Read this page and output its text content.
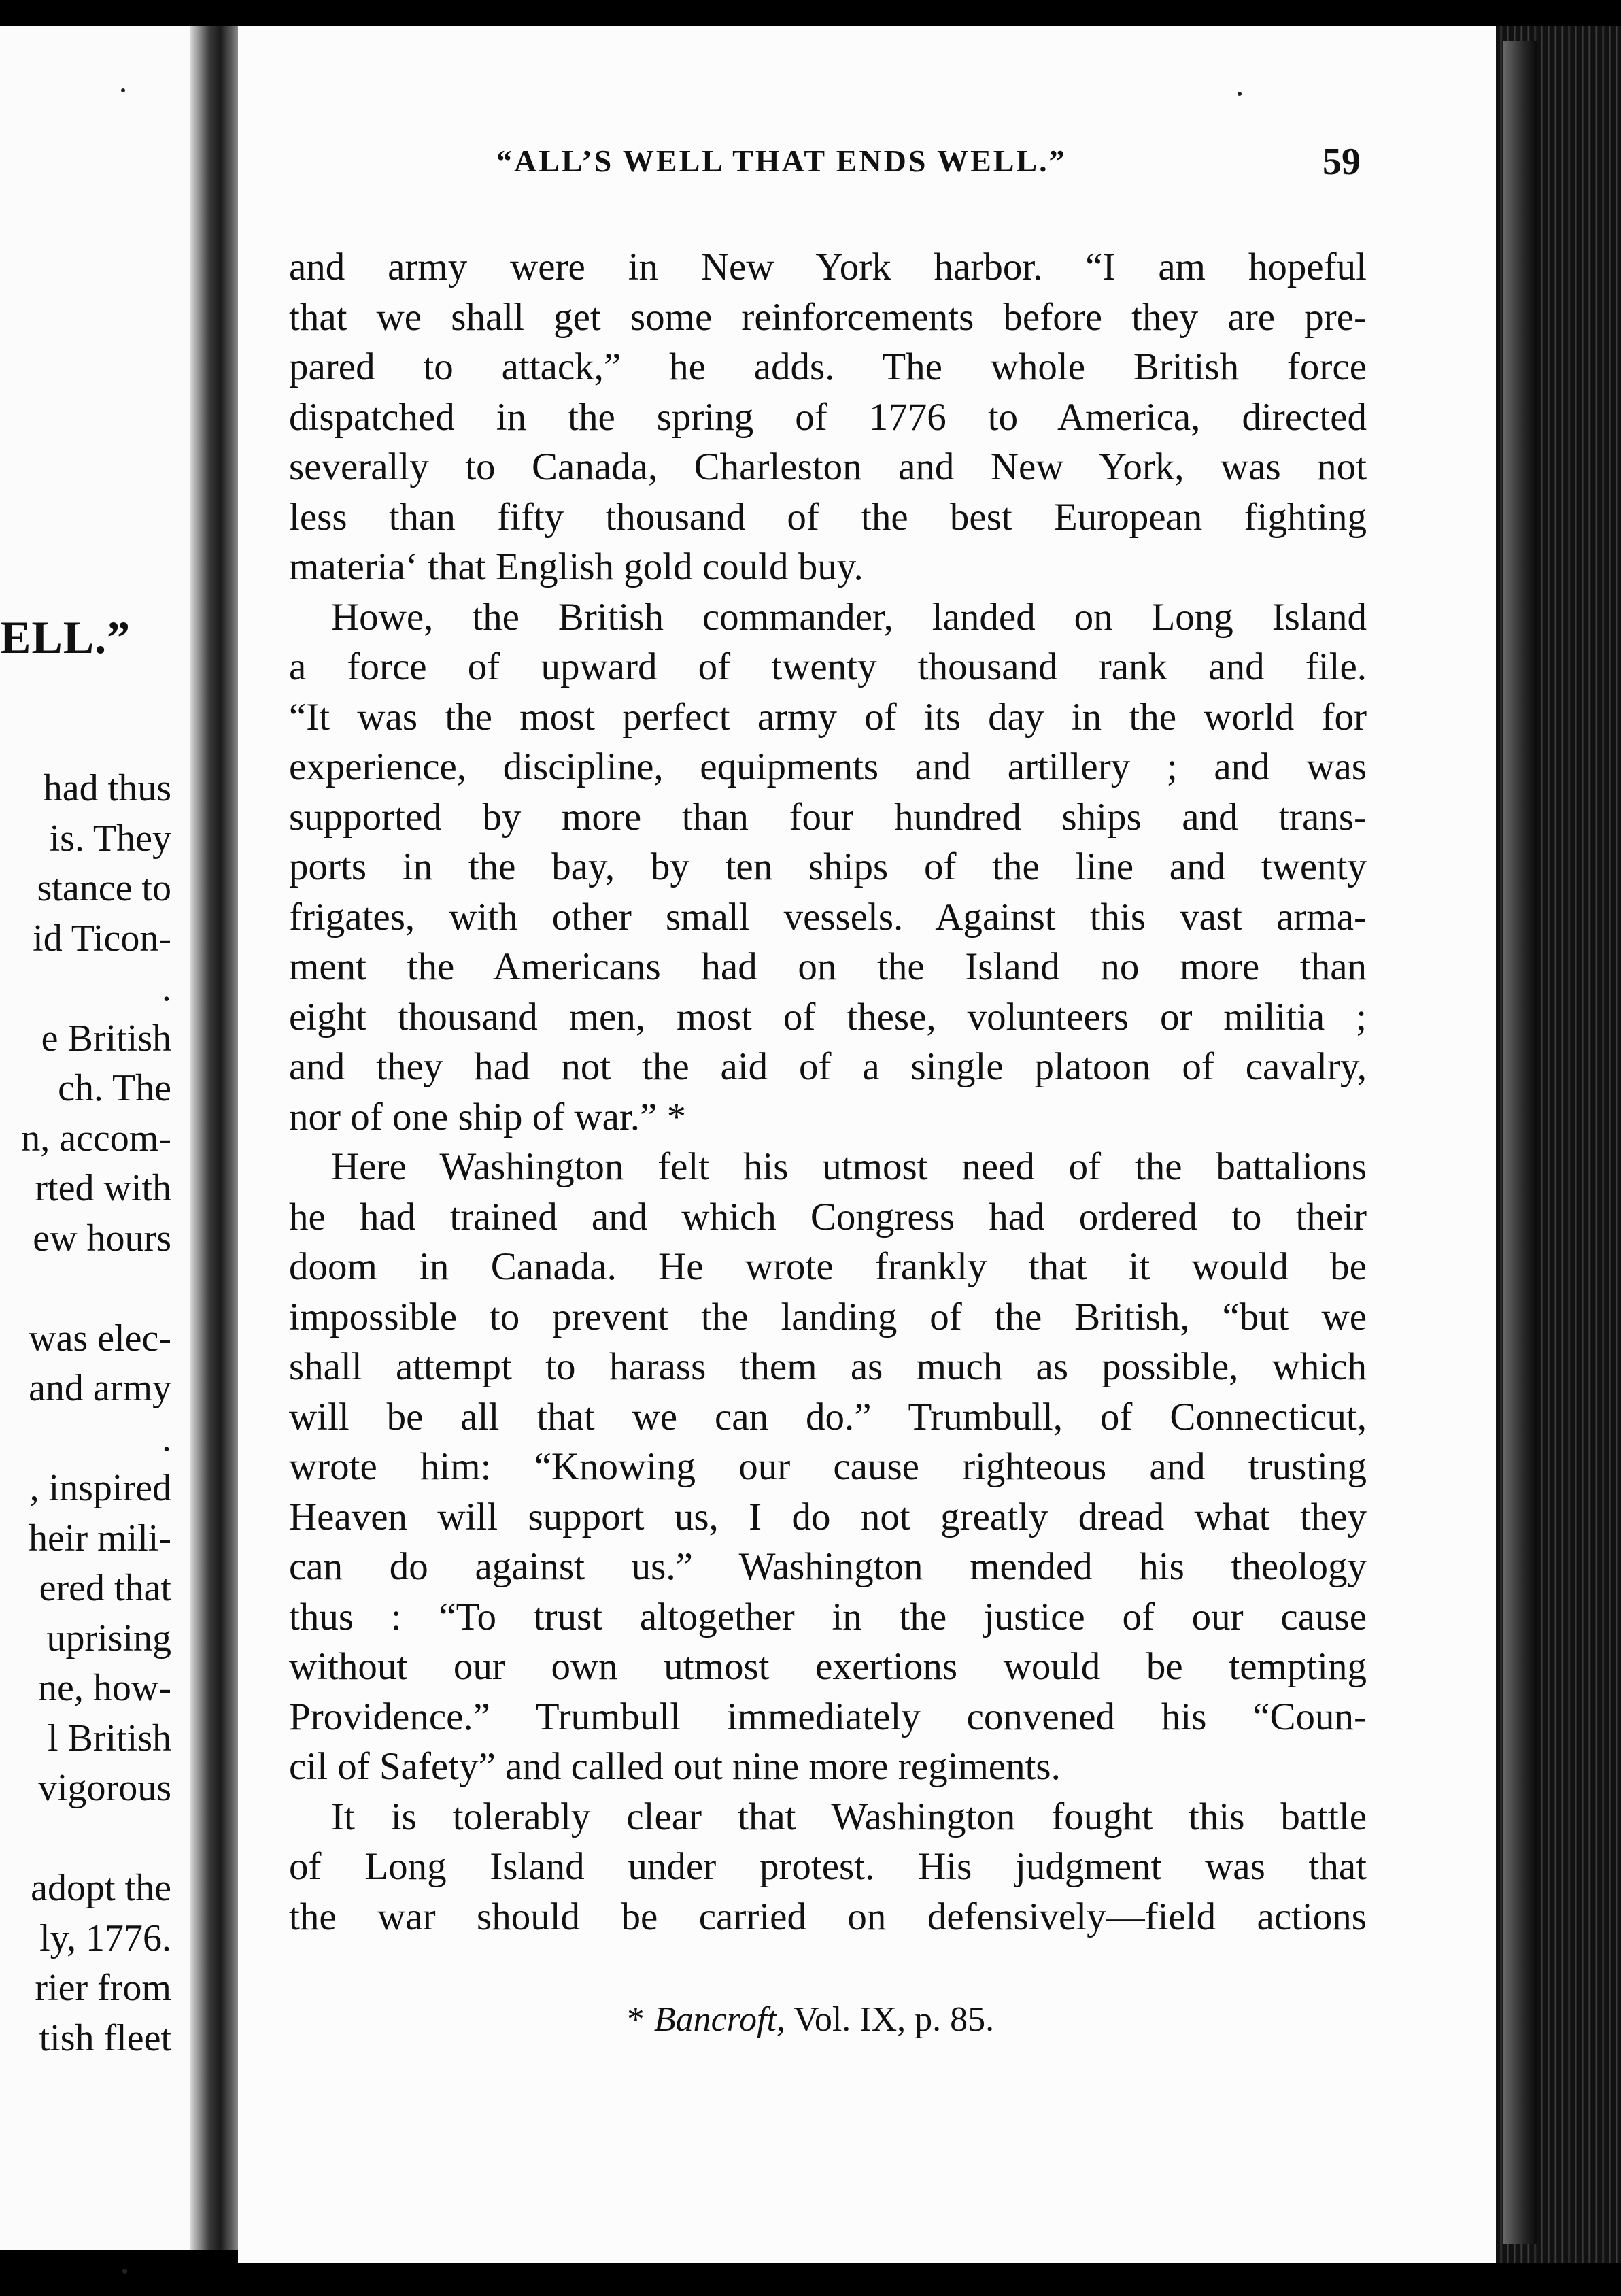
ELL.”
had thus
is. They
stance to
id Ticon-
.
e British
ch. The
n, accom-
rted with
ew hours
was elec-
and army
.
, inspired
heir mili-
ered that
uprising
ne, how-
l British
vigorous
adopt the
ly, 1776.
rier from
tish fleet
“ALL’S WELL THAT ENDS WELL.”	59
and army were in New York harbor. “I am hopeful
that we shall get some reinforcements before they are pre-
pared to attack,” he adds. The whole British force
dispatched in the spring of 1776 to America, directed
severally to Canada, Charleston and New York, was not
less than fifty thousand of the best European fighting
materiaʻ that English gold could buy.
Howe, the British commander, landed on Long Island
a force of upward of twenty thousand rank and file.
“It was the most perfect army of its day in the world for
experience, discipline, equipments and artillery ; and was
supported by more than four hundred ships and trans-
ports in the bay, by ten ships of the line and twenty
frigates, with other small vessels. Against this vast arma-
ment the Americans had on the Island no more than
eight thousand men, most of these, volunteers or militia ;
and they had not the aid of a single platoon of cavalry,
nor of one ship of war.” *
Here Washington felt his utmost need of the battalions
he had trained and which Congress had ordered to their
doom in Canada. He wrote frankly that it would be
impossible to prevent the landing of the British, “but we
shall attempt to harass them as much as possible, which
will be all that we can do.” Trumbull, of Connecticut,
wrote him: “Knowing our cause righteous and trusting
Heaven will support us, I do not greatly dread what they
can do against us.” Washington mended his theology
thus : “To trust altogether in the justice of our cause
without our own utmost exertions would be tempting
Providence.” Trumbull immediately convened his “Coun-
cil of Safety” and called out nine more regiments.
It is tolerably clear that Washington fought this battle
of Long Island under protest. His judgment was that
the war should be carried on defensively—field actions
* Bancroft, Vol. IX, p. 85.
